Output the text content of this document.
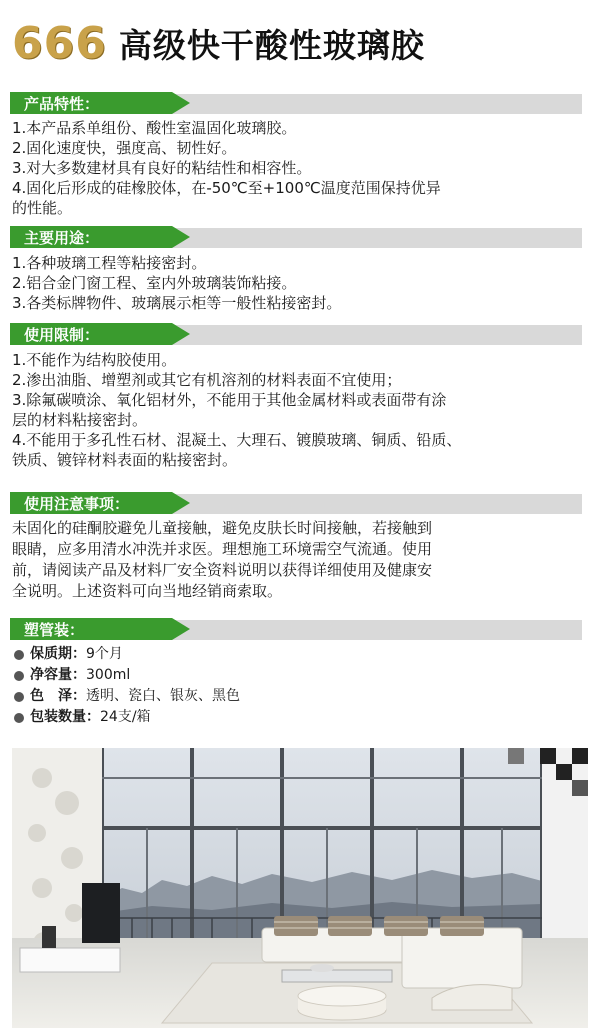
666 高级快干酸性玻璃胶
产品特性：
1.本产品系单组份、酸性室温固化玻璃胶。
2.固化速度快，强度高、韧性好。
3.对大多数建材具有良好的粘结性和相容性。
4.固化后形成的硅橡胶体，在-50℃至+100℃温度范围保持优异
的性能。
主要用途：
1.各种玻璃工程等粘接密封。
2.铝合金门窗工程、室内外玻璃装饰粘接。
3.各类标牌物件、玻璃展示柜等一般性粘接密封。
使用限制：
1.不能作为结构胶使用。
2.渗出油脂、增塑剂或其它有机溶剂的材料表面不宜使用；
3.除氟碳喷涂、氧化铝材外，不能用于其他金属材料或表面带有涂
层的材料粘接密封。
4.不能用于多孔性石材、混凝土、大理石、镀膜玻璃、铜质、铅质、
铁质、镀锌材料表面的粘接密封。
使用注意事项：
未固化的硅酮胶避免儿童接触，避免皮肤长时间接触，若接触到
眼睛，应多用清水冲洗并求医。理想施工环境需空气流通。使用
前，请阅读产品及材料厂安全资料说明以获得详细使用及健康安
全说明。上述资料可向当地经销商索取。
塑管装：
保质期： 9个月
净容量： 300ml
色　泽： 透明、瓷白、银灰、黑色
包装数量： 24支/箱
